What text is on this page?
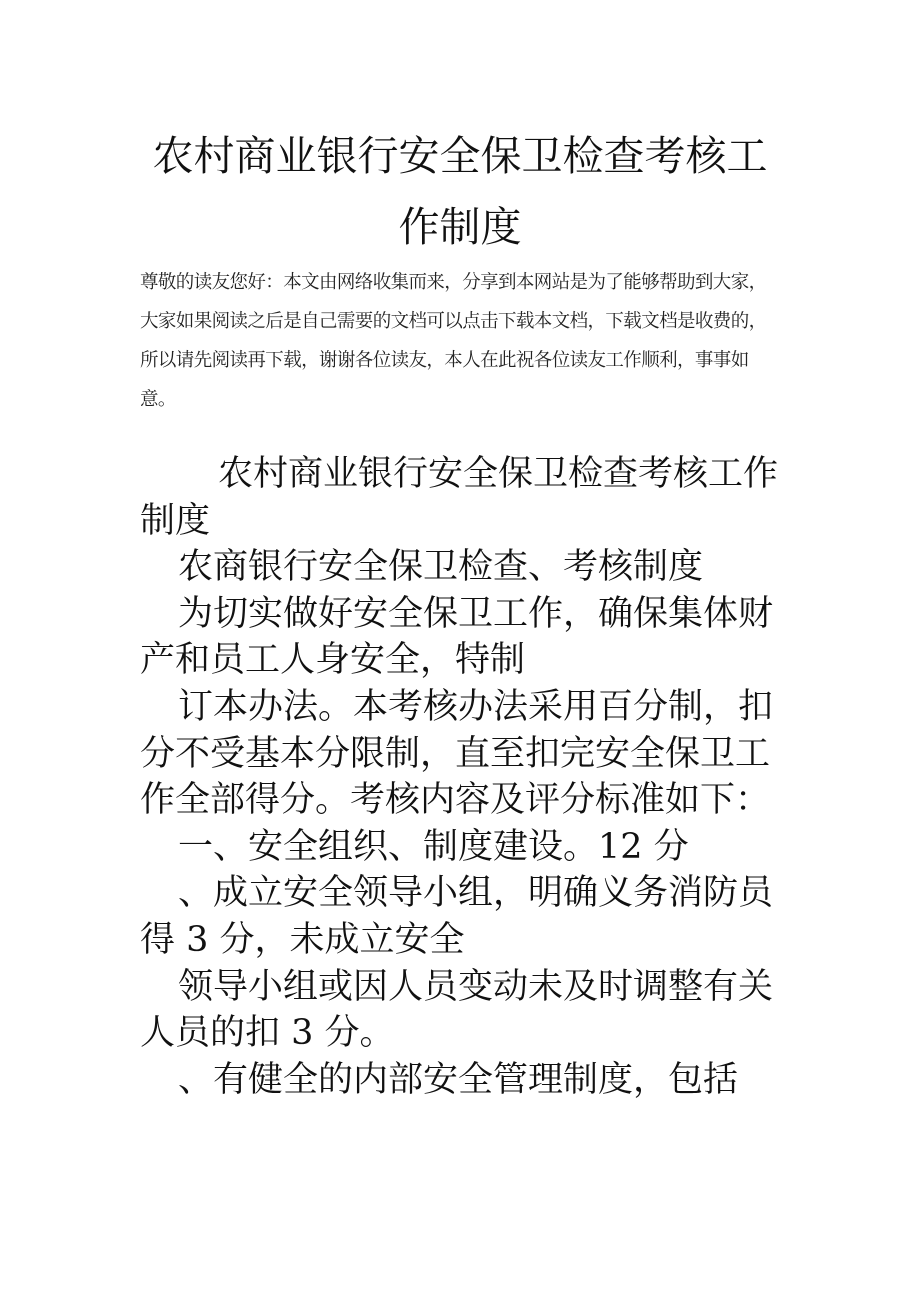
农村商业银行安全保卫检查考核工
作制度

尊敬的读友您好：本文由网络收集而来，分享到本网站是为了能够帮助到大家，大家如果阅读之后是自己需要的文档可以点击下载本文档，下载文档是收费的，所以请先阅读再下载，谢谢各位读友，本人在此祝各位读友工作顺利，事事如意。

农村商业银行安全保卫检查考核工作制度

农商银行安全保卫检查、考核制度

为切实做好安全保卫工作，确保集体财产和员工人身安全，特制

订本办法。本考核办法采用百分制，扣分不受基本分限制，直至扣完安全保卫工作全部得分。考核内容及评分标准如下：

一、安全组织、制度建设。12 分

、成立安全领导小组，明确义务消防员得 3 分，未成立安全

领导小组或因人员变动未及时调整有关人员的扣 3 分。

、有健全的内部安全管理制度，包括
